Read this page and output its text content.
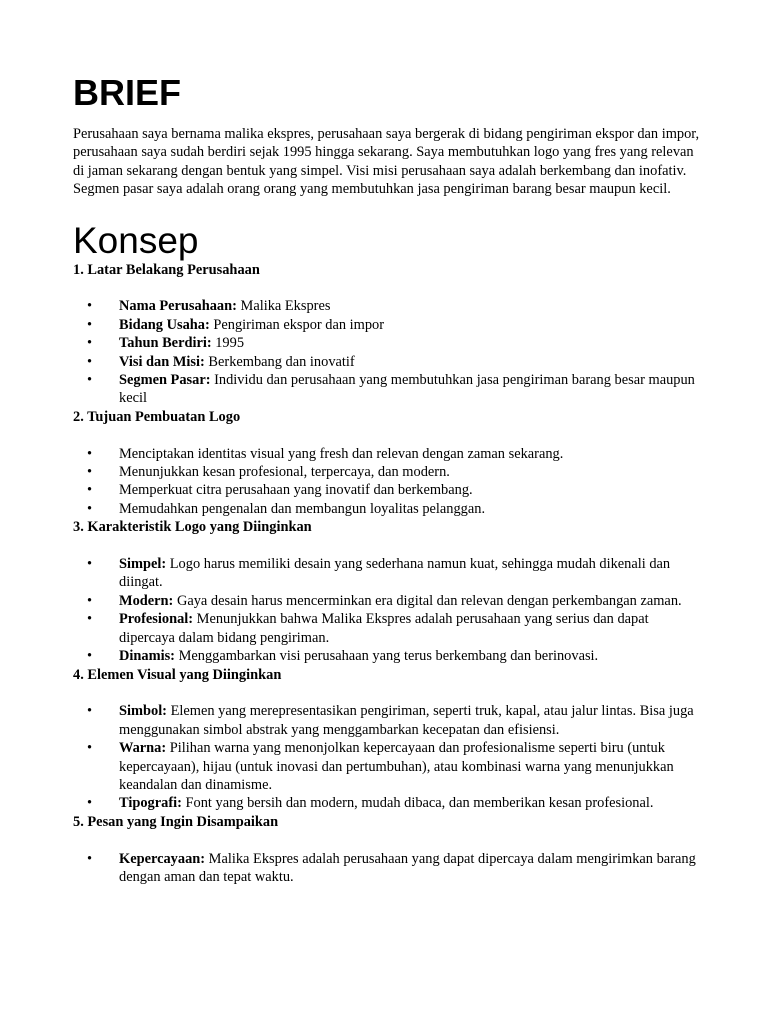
BRIEF

Perusahaan saya bernama malika ekspres, perusahaan saya bergerak di bidang pengiriman ekspor dan impor, perusahaan saya sudah berdiri sejak 1995 hingga sekarang. Saya membutuhkan logo yang fres yang relevan di jaman sekarang dengan bentuk yang simpel. Visi misi perusahaan saya adalah berkembang dan inofativ. Segmen pasar saya adalah orang orang yang membutuhkan jasa pengiriman barang besar maupun kecil.

Konsep
1. Latar Belakang Perusahaan
• Nama Perusahaan: Malika Ekspres
• Bidang Usaha: Pengiriman ekspor dan impor
• Tahun Berdiri: 1995
• Visi dan Misi: Berkembang dan inovatif
• Segmen Pasar: Individu dan perusahaan yang membutuhkan jasa pengiriman barang besar maupun kecil
2. Tujuan Pembuatan Logo
• Menciptakan identitas visual yang fresh dan relevan dengan zaman sekarang.
• Menunjukkan kesan profesional, terpercaya, dan modern.
• Memperkuat citra perusahaan yang inovatif dan berkembang.
• Memudahkan pengenalan dan membangun loyalitas pelanggan.
3. Karakteristik Logo yang Diinginkan
• Simpel: Logo harus memiliki desain yang sederhana namun kuat, sehingga mudah dikenali dan diingat.
• Modern: Gaya desain harus mencerminkan era digital dan relevan dengan perkembangan zaman.
• Profesional: Menunjukkan bahwa Malika Ekspres adalah perusahaan yang serius dan dapat dipercaya dalam bidang pengiriman.
• Dinamis: Menggambarkan visi perusahaan yang terus berkembang dan berinovasi.
4. Elemen Visual yang Diinginkan
• Simbol: Elemen yang merepresentasikan pengiriman, seperti truk, kapal, atau jalur lintas. Bisa juga menggunakan simbol abstrak yang menggambarkan kecepatan dan efisiensi.
• Warna: Pilihan warna yang menonjolkan kepercayaan dan profesionalisme seperti biru (untuk kepercayaan), hijau (untuk inovasi dan pertumbuhan), atau kombinasi warna yang menunjukkan keandalan dan dinamisme.
• Tipografi: Font yang bersih dan modern, mudah dibaca, dan memberikan kesan profesional.
5. Pesan yang Ingin Disampaikan
• Kepercayaan: Malika Ekspres adalah perusahaan yang dapat dipercaya dalam mengirimkan barang dengan aman dan tepat waktu.
